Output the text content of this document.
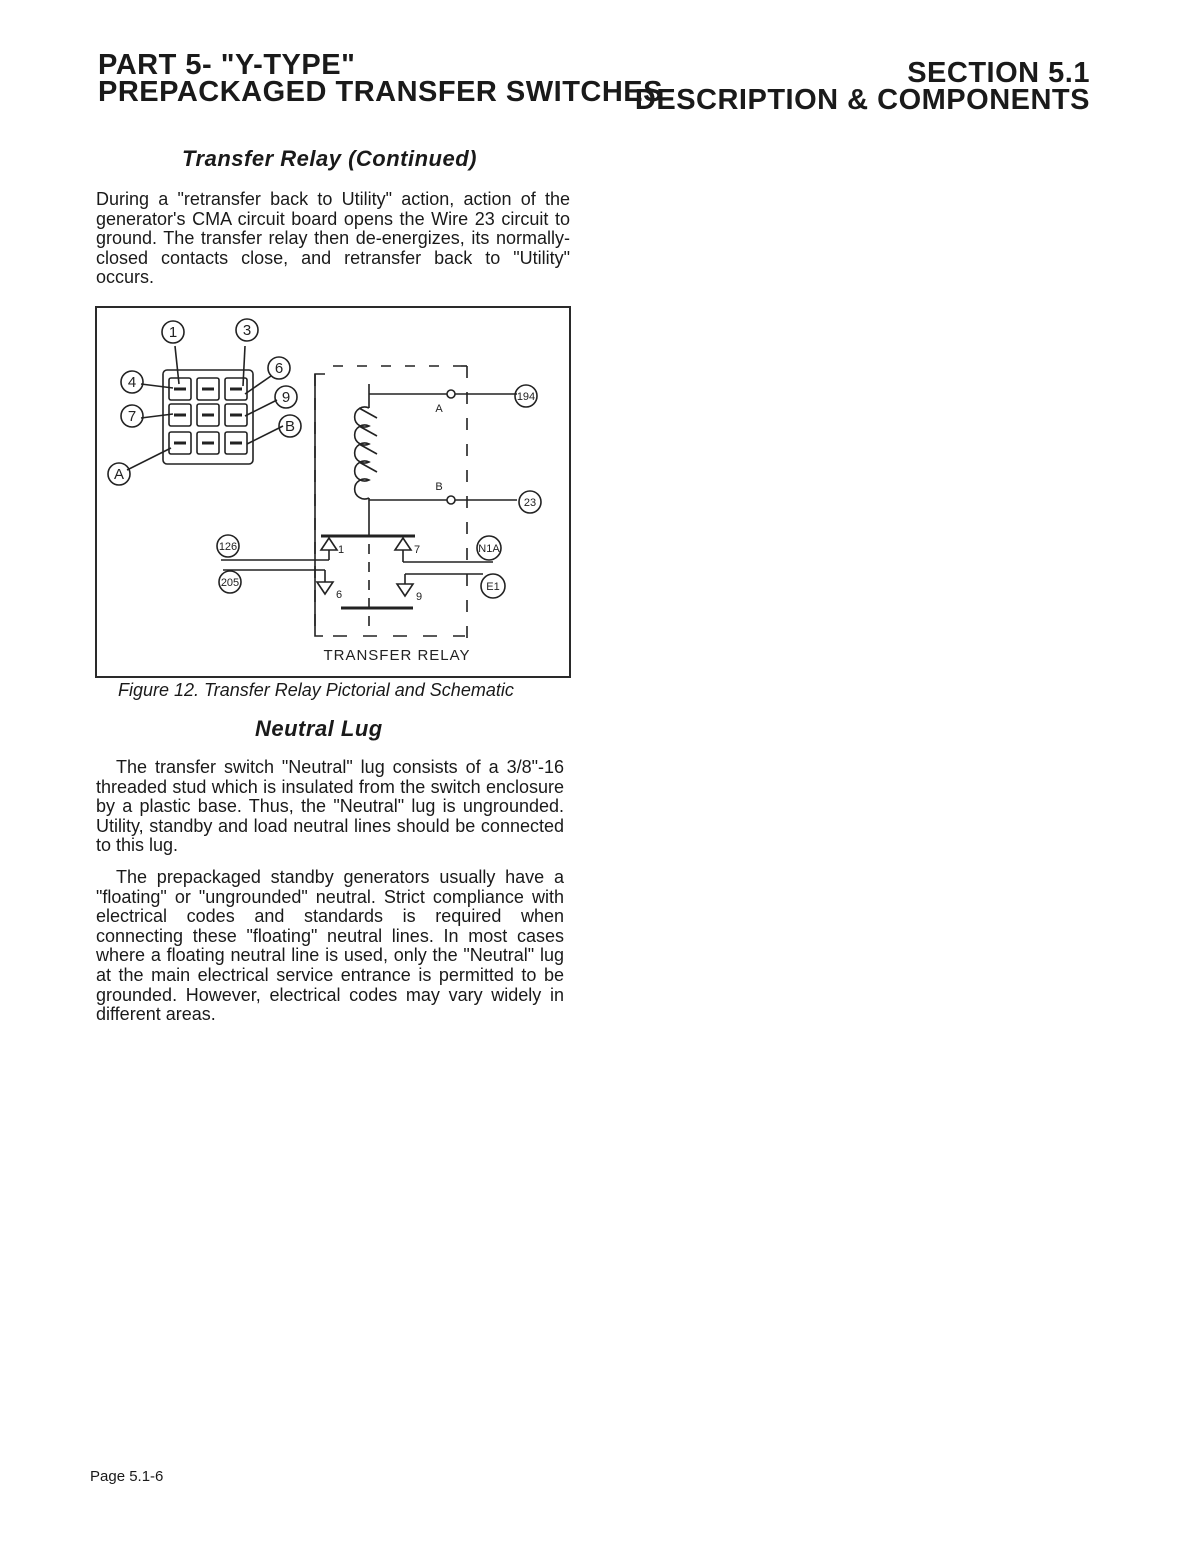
PART 5- "Y-TYPE"
PREPACKAGED TRANSFER SWITCHES
SECTION 5.1
DESCRIPTION & COMPONENTS
Transfer Relay (Continued)

During a "retransfer back to Utility" action, action of the generator's CMA circuit board opens the Wire 23 circuit to ground. The transfer relay then de-energizes, its normally-closed contacts close, and retransfer back to "Utility" occurs.

1	3
4
7
A
6
9
B
A
B
194
23
126
205
N1A
E1
1	7
6	9
TRANSFER RELAY
Figure 12. Transfer Relay Pictorial and Schematic
Neutral Lug

The transfer switch "Neutral" lug consists of a 3/8"-16 threaded stud which is insulated from the switch enclosure by a plastic base. Thus, the "Neutral" lug is ungrounded. Utility, standby and load neutral lines should be connected to this lug.

The prepackaged standby generators usually have a "floating" or "ungrounded" neutral. Strict compliance with electrical codes and standards is required when connecting these "floating" neutral lines. In most cases where a floating neutral line is used, only the "Neutral" lug at the main electrical service entrance is permitted to be grounded. However, electrical codes may vary widely in different areas.

Page 5.1-6
